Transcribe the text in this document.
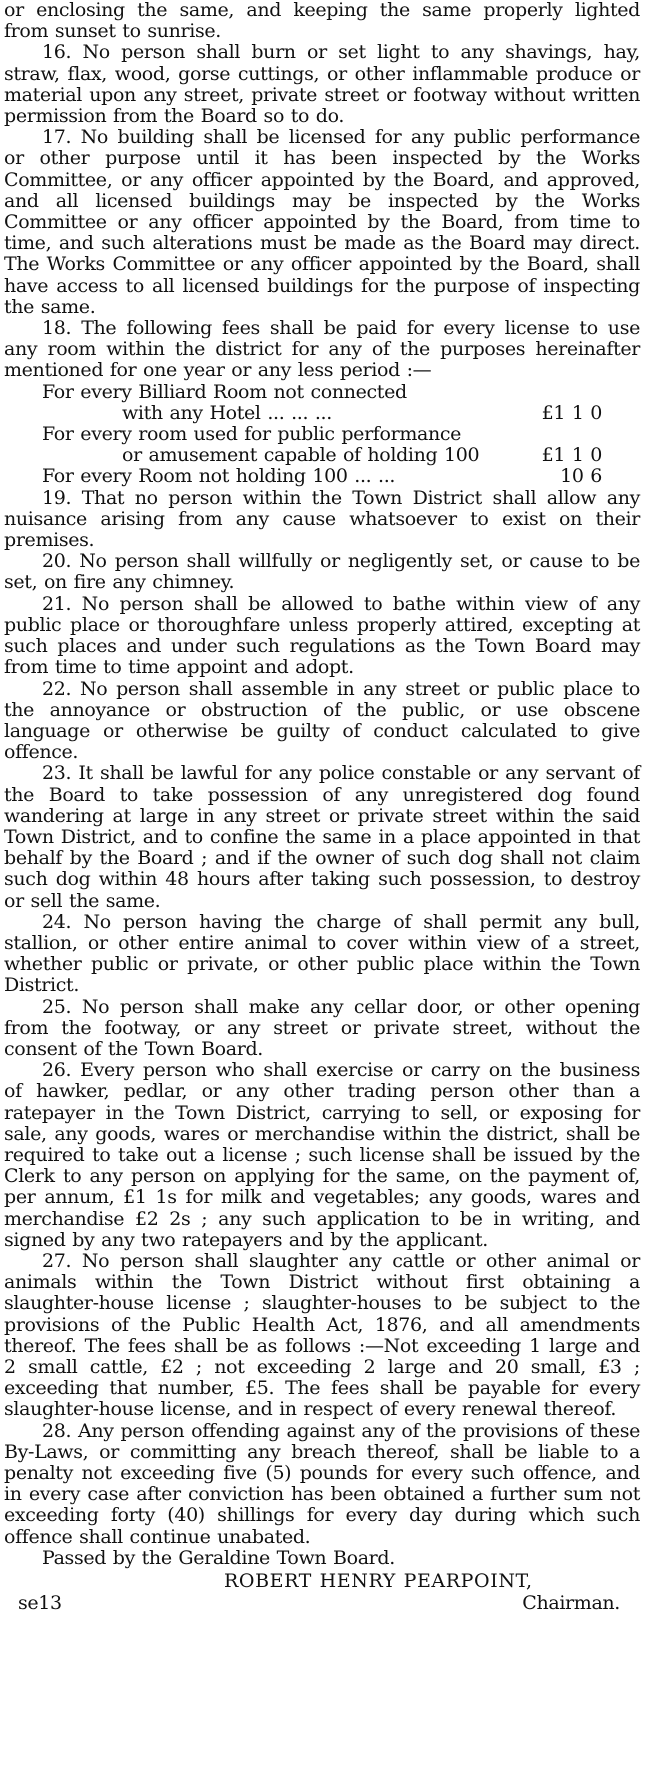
or enclosing the same, and keeping the same properly lighted from sunset to sunrise.

16. No person shall burn or set light to any shavings, hay, straw, flax, wood, gorse cuttings, or other inflammable produce or material upon any street, private street or footway without written permission from the Board so to do.

17. No building shall be licensed for any public performance or other purpose until it has been inspected by the Works Committee, or any officer appointed by the Board, and approved, and all licensed buildings may be inspected by the Works Committee or any officer appointed by the Board, from time to time, and such alterations must be made as the Board may direct. The Works Committee or any officer appointed by the Board, shall have access to all licensed buildings for the purpose of inspecting the same.

18. The following fees shall be paid for every license to use any room within the district for any of the purposes hereinafter mentioned for one year or any less period :—

For every Billiard Room not connected
with any Hotel ... ... ...	£1 1 0
For every room used for public performance
or amusement capable of holding 100	£1 1 0
For every Room not holding 100 ... ...	10 6

19. That no person within the Town District shall allow any nuisance arising from any cause whatsoever to exist on their premises.

20. No person shall willfully or negligently set, or cause to be set, on fire any chimney.

21. No person shall be allowed to bathe within view of any public place or thoroughfare unless properly attired, excepting at such places and under such regulations as the Town Board may from time to time appoint and adopt.

22. No person shall assemble in any street or public place to the annoyance or obstruction of the public, or use obscene language or otherwise be guilty of conduct calculated to give offence.

23. It shall be lawful for any police constable or any servant of the Board to take possession of any unregistered dog found wandering at large in any street or private street within the said Town District, and to confine the same in a place appointed in that behalf by the Board ; and if the owner of such dog shall not claim such dog within 48 hours after taking such possession, to destroy or sell the same.

24. No person having the charge of shall permit any bull, stallion, or other entire animal to cover within view of a street, whether public or private, or other public place within the Town District.

25. No person shall make any cellar door, or other opening from the footway, or any street or private street, without the consent of the Town Board.

26. Every person who shall exercise or carry on the business of hawker, pedlar, or any other trading person other than a ratepayer in the Town District, carrying to sell, or exposing for sale, any goods, wares or merchandise within the district, shall be required to take out a license ; such license shall be issued by the Clerk to any person on applying for the same, on the payment of, per annum, £1 1s for milk and vegetables; any goods, wares and merchandise £2 2s ; any such application to be in writing, and signed by any two ratepayers and by the applicant.

27. No person shall slaughter any cattle or other animal or animals within the Town District without first obtaining a slaughter-house license ; slaughter-houses to be subject to the provisions of the Public Health Act, 1876, and all amendments thereof. The fees shall be as follows :—Not exceeding 1 large and 2 small cattle, £2 ; not exceeding 2 large and 20 small, £3 ; exceeding that number, £5. The fees shall be payable for every slaughter-house license, and in respect of every renewal thereof.

28. Any person offending against any of the provisions of these By-Laws, or committing any breach thereof, shall be liable to a penalty not exceeding five (5) pounds for every such offence, and in every case after conviction has been obtained a further sum not exceeding forty (40) shillings for every day during which such offence shall continue unabated.

Passed by the Geraldine Town Board.

ROBERT HENRY PEARPOINT,
se13	Chairman.
